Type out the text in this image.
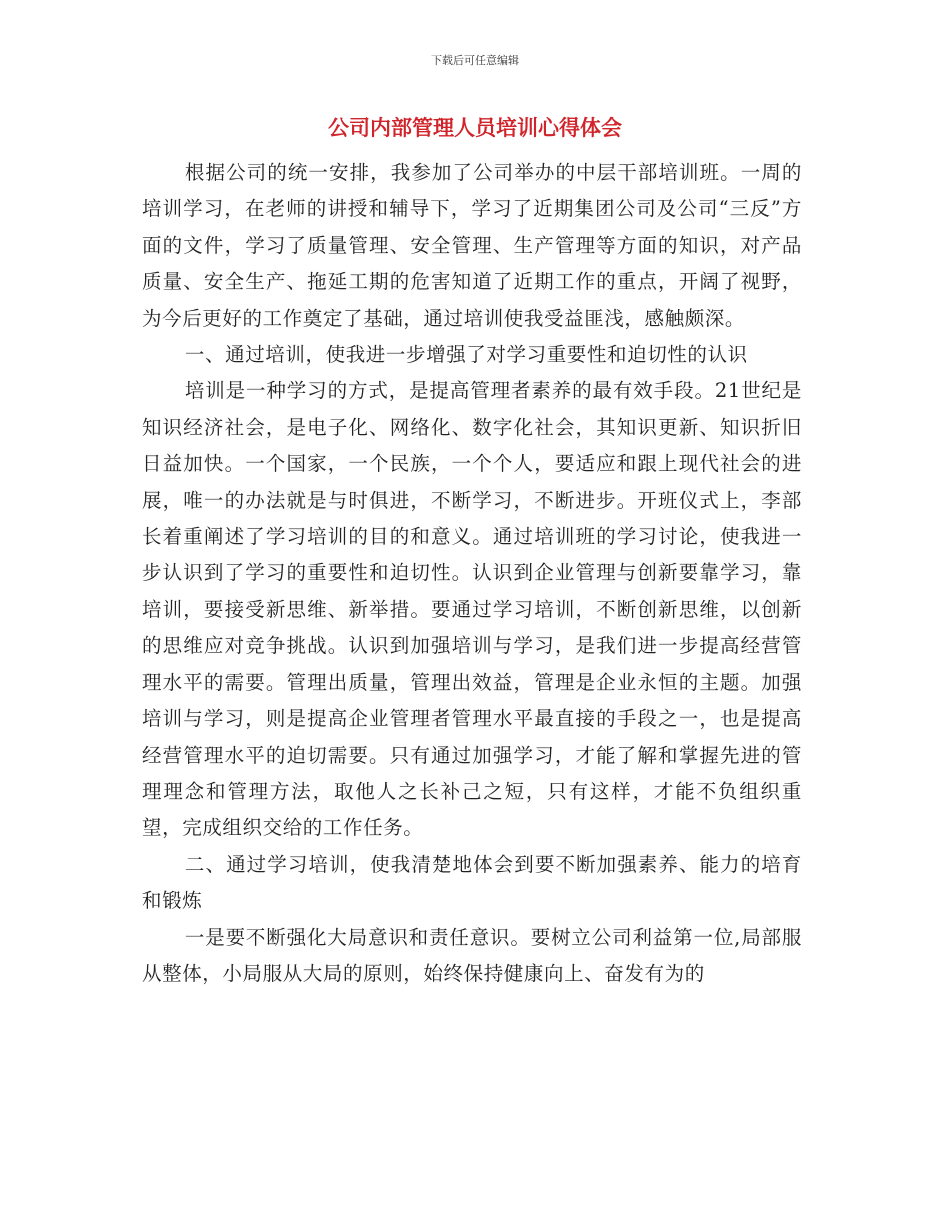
下载后可任意编辑
公司内部管理人员培训心得体会

根据公司的统一安排，我参加了公司举办的中层干部培训班。一周的培训学习，在老师的讲授和辅导下，学习了近期集团公司及公司“三反”方面的文件，学习了质量管理、安全管理、生产管理等方面的知识，对产品质量、安全生产、拖延工期的危害知道了近期工作的重点，开阔了视野，为今后更好的工作奠定了基础，通过培训使我受益匪浅，感触颇深。

一、通过培训，使我进一步增强了对学习重要性和迫切性的认识

培训是一种学习的方式，是提高管理者素养的最有效手段。21世纪是知识经济社会，是电子化、网络化、数字化社会，其知识更新、知识折旧日益加快。一个国家，一个民族，一个个人，要适应和跟上现代社会的进展，唯一的办法就是与时俱进，不断学习，不断进步。开班仪式上，李部长着重阐述了学习培训的目的和意义。通过培训班的学习讨论，使我进一步认识到了学习的重要性和迫切性。认识到企业管理与创新要靠学习，靠培训，要接受新思维、新举措。要通过学习培训，不断创新思维，以创新的思维应对竞争挑战。认识到加强培训与学习，是我们进一步提高经营管理水平的需要。管理出质量，管理出效益，管理是企业永恒的主题。加强培训与学习，则是提高企业管理者管理水平最直接的手段之一，也是提高经营管理水平的迫切需要。只有通过加强学习，才能了解和掌握先进的管理理念和管理方法，取他人之长补己之短，只有这样，才能不负组织重望，完成组织交给的工作任务。

二、通过学习培训，使我清楚地体会到要不断加强素养、能力的培育和锻炼

一是要不断强化大局意识和责任意识。要树立公司利益第一位,局部服从整体，小局服从大局的原则，始终保持健康向上、奋发有为的
